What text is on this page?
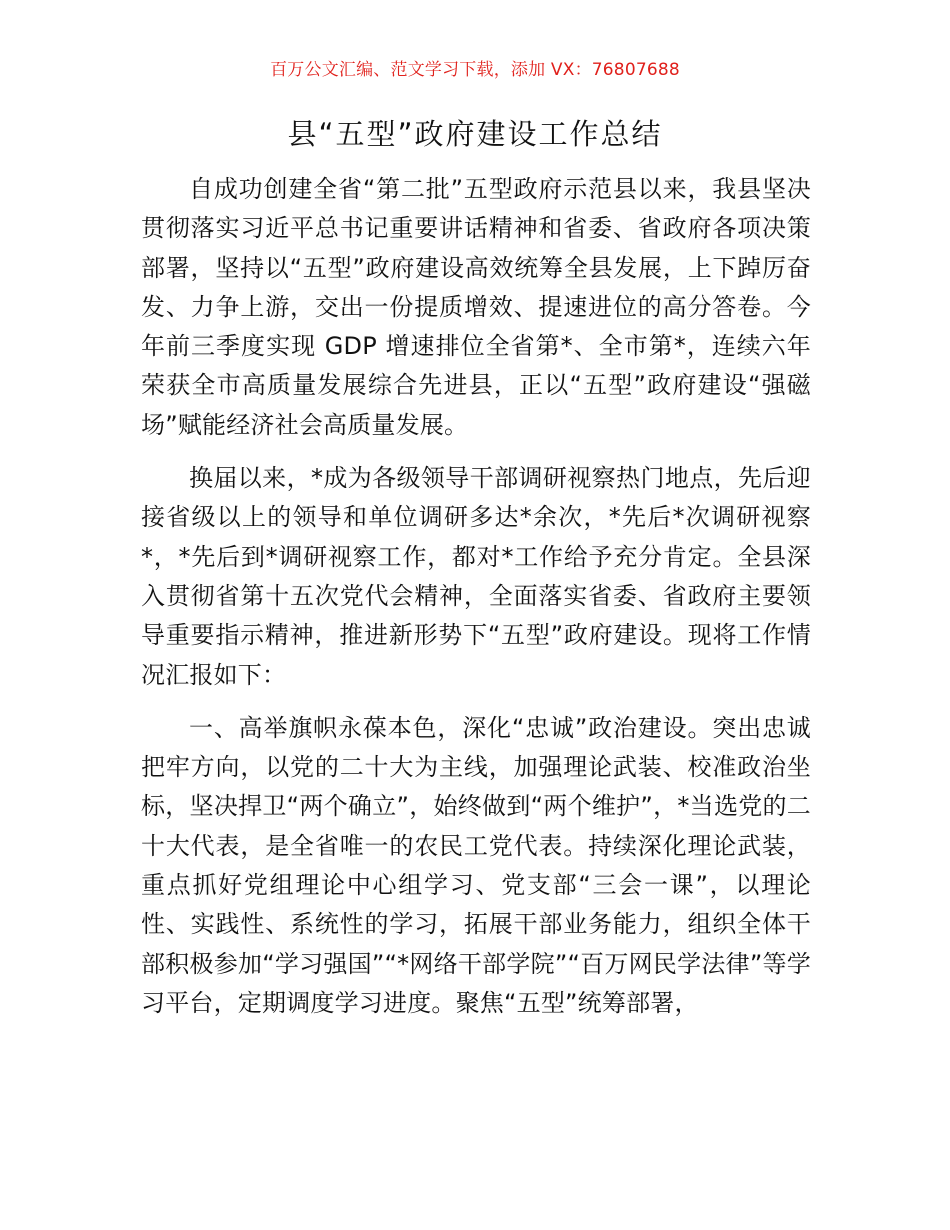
百万公文汇编、范文学习下载，添加 VX：76807688
县“五型”政府建设工作总结

自成功创建全省“第二批”五型政府示范县以来，我县坚决贯彻落实习近平总书记重要讲话精神和省委、省政府各项决策部署，坚持以“五型”政府建设高效统筹全县发展，上下踔厉奋发、力争上游，交出一份提质增效、提速进位的高分答卷。今年前三季度实现 GDP 增速排位全省第*、全市第*，连续六年荣获全市高质量发展综合先进县，正以“五型”政府建设“强磁场”赋能经济社会高质量发展。

换届以来，*成为各级领导干部调研视察热门地点，先后迎接省级以上的领导和单位调研多达*余次，*先后*次调研视察*，*先后到*调研视察工作，都对*工作给予充分肯定。全县深入贯彻省第十五次党代会精神，全面落实省委、省政府主要领导重要指示精神，推进新形势下“五型”政府建设。现将工作情况汇报如下：

一、高举旗帜永葆本色，深化“忠诚”政治建设。突出忠诚把牢方向，以党的二十大为主线，加强理论武装、校准政治坐标，坚决捍卫“两个确立”，始终做到“两个维护”，*当选党的二十大代表，是全省唯一的农民工党代表。持续深化理论武装，重点抓好党组理论中心组学习、党支部“三会一课”，以理论性、实践性、系统性的学习，拓展干部业务能力，组织全体干部积极参加“学习强国”“*网络干部学院”“百万网民学法律”等学习平台，定期调度学习进度。聚焦“五型”统筹部署，
